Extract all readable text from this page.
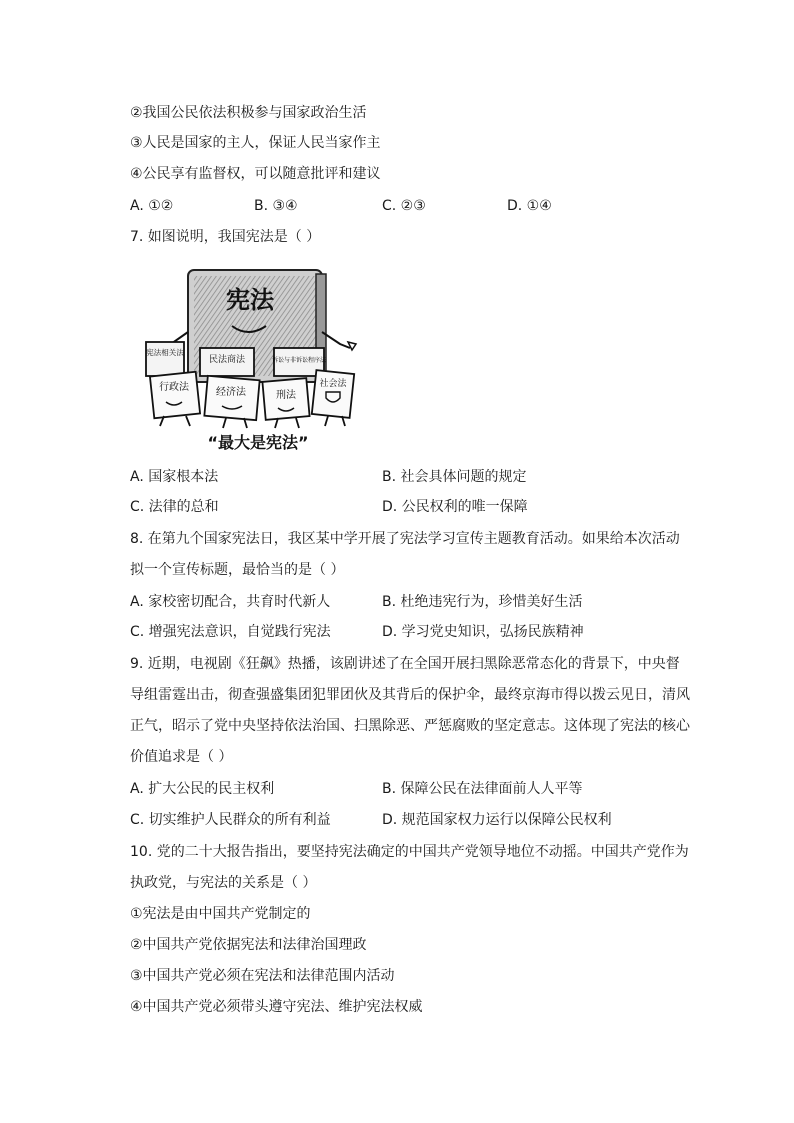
②我国公民依法积极参与国家政治生活
③人民是国家的主人，保证人民当家作主
④公民享有监督权，可以随意批评和建议
A. ①②	B. ③④	C. ②③	D. ①④
7. 如图说明，我国宪法是（ ）
宪法
宪法相关法
民法商法	诉讼与非诉讼程序法
行政法	经济法	刑法
社会法
“最大是宪法”
A. 国家根本法	B. 社会具体问题的规定
C. 法律的总和	D. 公民权利的唯一保障
8. 在第九个国家宪法日，我区某中学开展了宪法学习宣传主题教育活动。如果给本次活动
拟一个宣传标题，最恰当的是（ ）
A. 家校密切配合，共育时代新人	B. 杜绝违宪行为，珍惜美好生活
C. 增强宪法意识，自觉践行宪法	D. 学习党史知识，弘扬民族精神
9. 近期，电视剧《狂飙》热播，该剧讲述了在全国开展扫黑除恶常态化的背景下，中央督
导组雷霆出击，彻查强盛集团犯罪团伙及其背后的保护伞，最终京海市得以拨云见日，清风
正气，昭示了党中央坚持依法治国、扫黑除恶、严惩腐败的坚定意志。这体现了宪法的核心
价值追求是（ ）
A. 扩大公民的民主权利	B. 保障公民在法律面前人人平等
C. 切实维护人民群众的所有利益	D. 规范国家权力运行以保障公民权利
10. 党的二十大报告指出，要坚持宪法确定的中国共产党领导地位不动摇。中国共产党作为
执政党，与宪法的关系是（ ）
①宪法是由中国共产党制定的
②中国共产党依据宪法和法律治国理政
③中国共产党必须在宪法和法律范围内活动
④中国共产党必须带头遵守宪法、维护宪法权威
